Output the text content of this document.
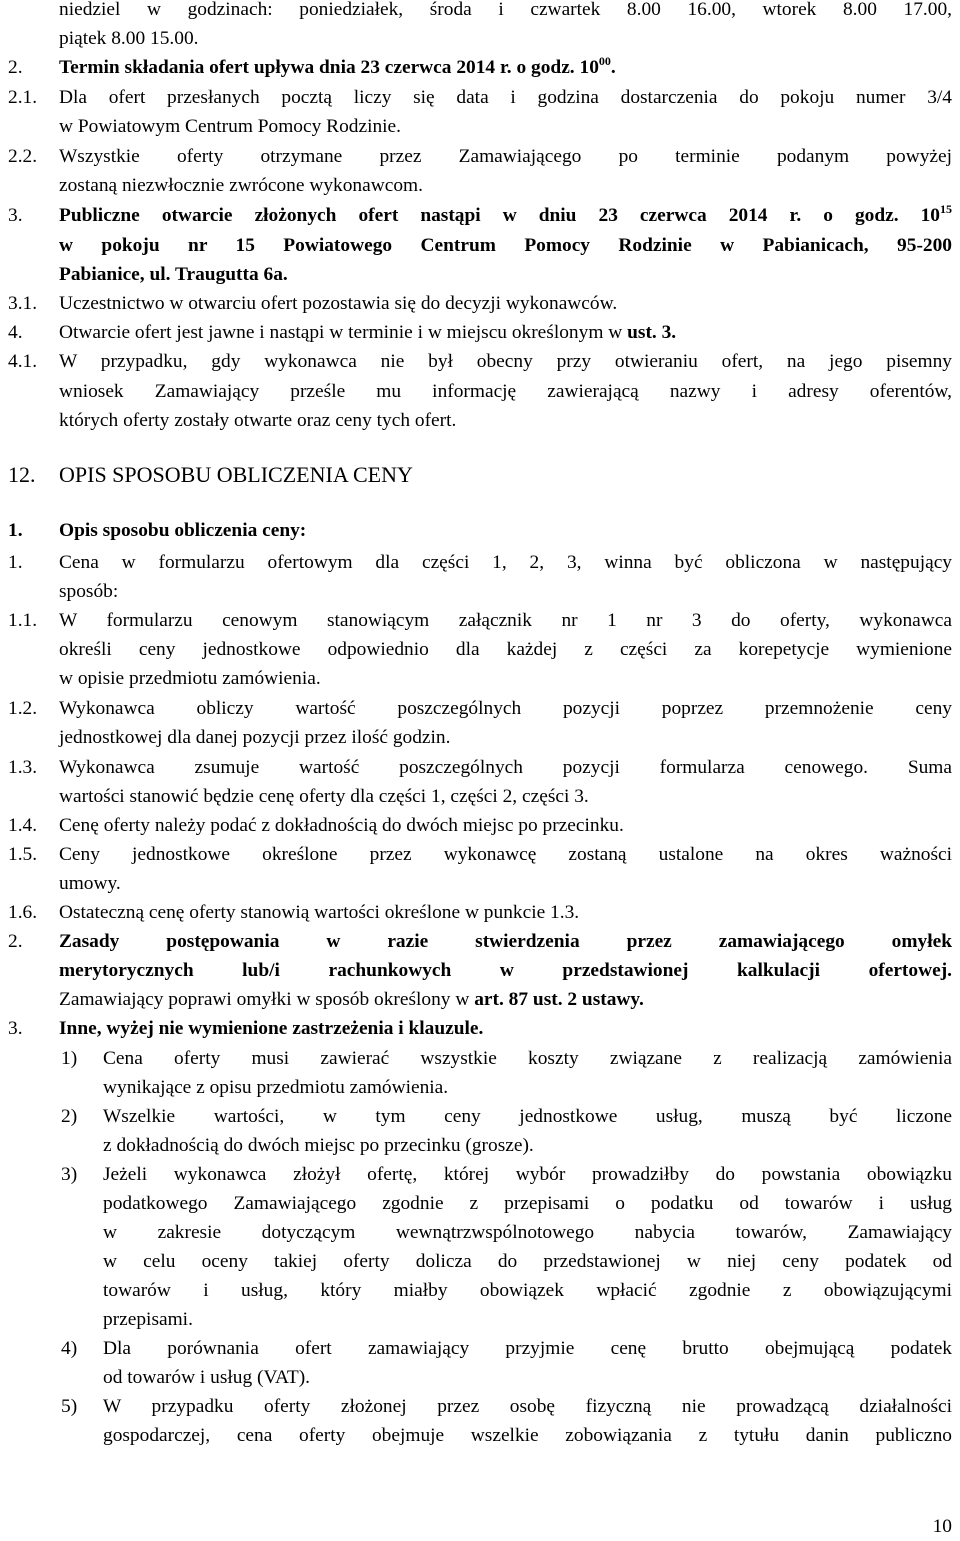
niedziel w godzinach: poniedziałek, środa i czwartek 8.00 16.00, wtorek 8.00 17.00,
piątek 8.00 15.00.
2. Termin składania ofert upływa dnia 23 czerwca 2014 r. o godz. $10^{00}$.
2.1. Dla ofert przesłanych pocztą liczy się data i godzina dostarczenia do pokoju numer 3/4
w Powiatowym Centrum Pomocy Rodzinie.
2.2. Wszystkie oferty otrzymane przez Zamawiającego po terminie podanym powyżej
zostaną niezwłocznie zwrócone wykonawcom.
3. Publiczne otwarcie złożonych ofert nastąpi w dniu 23 czerwca 2014 r. o godz. $10^{15}$
w pokoju nr 15 Powiatowego Centrum Pomocy Rodzinie w Pabianicach, 95-200
Pabianice, ul. Traugutta 6a.
3.1. Uczestnictwo w otwarciu ofert pozostawia się do decyzji wykonawców.
4. Otwarcie ofert jest jawne i nastąpi w terminie i w miejscu określonym w ust. 3.
4.1. W przypadku, gdy wykonawca nie był obecny przy otwieraniu ofert, na jego pisemny
wniosek Zamawiający prześle mu informację zawierającą nazwy i adresy oferentów,
których oferty zostały otwarte oraz ceny tych ofert.
12. OPIS SPOSOBU OBLICZENIA CENY
1. Opis sposobu obliczenia ceny:
1. Cena w formularzu ofertowym dla części 1, 2, 3, winna być obliczona w następujący
sposób:
1.1. W formularzu cenowym stanowiącym załącznik nr 1 nr 3 do oferty, wykonawca
określi ceny jednostkowe odpowiednio dla każdej z części za korepetycje wymienione
w opisie przedmiotu zamówienia.
1.2. Wykonawca obliczy wartość poszczególnych pozycji poprzez przemnożenie ceny
jednostkowej dla danej pozycji przez ilość godzin.
1.3. Wykonawca zsumuje wartość poszczególnych pozycji formularza cenowego. Suma
wartości stanowić będzie cenę oferty dla części 1, części 2, części 3.
1.4. Cenę oferty należy podać z dokładnością do dwóch miejsc po przecinku.
1.5. Ceny jednostkowe określone przez wykonawcę zostaną ustalone na okres ważności
umowy.
1.6. Ostateczną cenę oferty stanowią wartości określone w punkcie 1.3.
2. Zasady postępowania w razie stwierdzenia przez zamawiającego omyłek
merytorycznych lub/i rachunkowych w przedstawionej kalkulacji ofertowej.
Zamawiający poprawi omyłki w sposób określony w art. 87 ust. 2 ustawy.
3. Inne, wyżej nie wymienione zastrzeżenia i klauzule.
1) Cena oferty musi zawierać wszystkie koszty związane z realizacją zamówienia
wynikające z opisu przedmiotu zamówienia.
2) Wszelkie wartości, w tym ceny jednostkowe usług, muszą być liczone
z dokładnością do dwóch miejsc po przecinku (grosze).
3) Jeżeli wykonawca złożył ofertę, której wybór prowadziłby do powstania obowiązku
podatkowego Zamawiającego zgodnie z przepisami o podatku od towarów i usług
w zakresie dotyczącym wewnątrzwspólnotowego nabycia towarów, Zamawiający
w celu oceny takiej oferty dolicza do przedstawionej w niej ceny podatek od
towarów i usług, który miałby obowiązek wpłacić zgodnie z obowiązującymi
przepisami.
4) Dla porównania ofert zamawiający przyjmie cenę brutto obejmującą podatek
od towarów i usług (VAT).
5) W przypadku oferty złożonej przez osobę fizyczną nie prowadzącą działalności
gospodarczej, cena oferty obejmuje wszelkie zobowiązania z tytułu danin publiczno
10
